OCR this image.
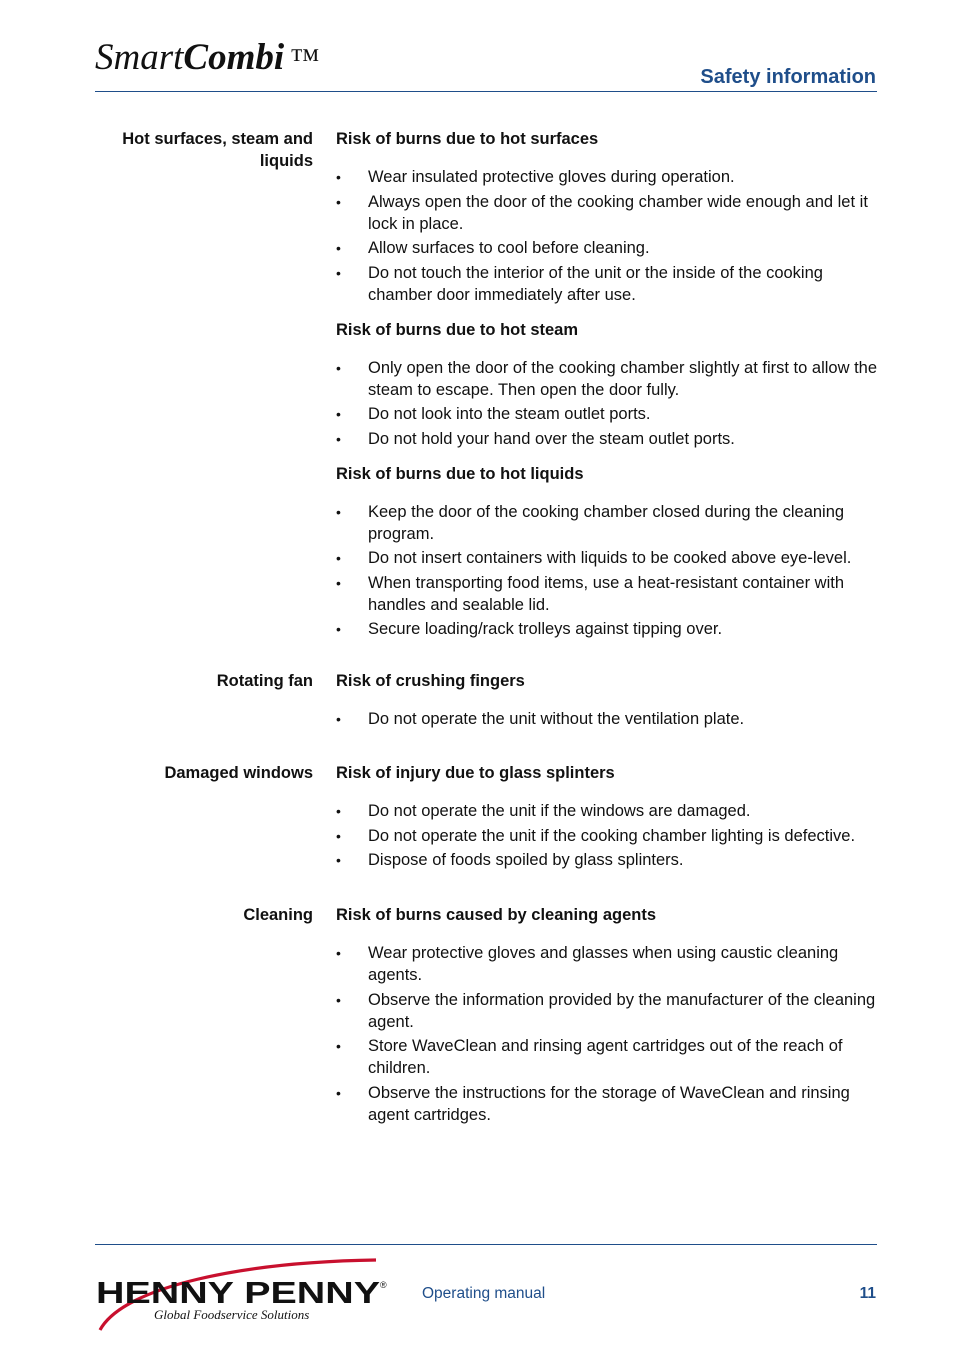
SmartCombi ™
Safety information
Hot surfaces, steam and liquids

Risk of burns due to hot surfaces

• Wear insulated protective gloves during operation.
• Always open the door of the cooking chamber wide enough and let it lock in place.
• Allow surfaces to cool before cleaning.
• Do not touch the interior of the unit or the inside of the cooking chamber door immediately after use.

Risk of burns due to hot steam

• Only open the door of the cooking chamber slightly at first to allow the steam to escape. Then open the door fully.
• Do not look into the steam outlet ports.
• Do not hold your hand over the steam outlet ports.

Risk of burns due to hot liquids

• Keep the door of the cooking chamber closed during the cleaning program.
• Do not insert containers with liquids to be cooked above eye-level.
• When transporting food items, use a heat-resistant container with handles and sealable lid.
• Secure loading/rack trolleys against tipping over.
Rotating fan Risk of crushing fingers

• Do not operate the unit without the ventilation plate.
Damaged windows Risk of injury due to glass splinters

• Do not operate the unit if the windows are damaged.
• Do not operate the unit if the cooking chamber lighting is defective.
• Dispose of foods spoiled by glass splinters.
Cleaning Risk of burns caused by cleaning agents

• Wear protective gloves and glasses when using caustic cleaning agents.
• Observe the information provided by the manufacturer of the cleaning agent.
• Store WaveClean and rinsing agent cartridges out of the reach of children.
• Observe the instructions for the storage of WaveClean and rinsing agent cartridges.
HENNY PENNY ®
Global Foodservice Solutions
Operating manual	11
